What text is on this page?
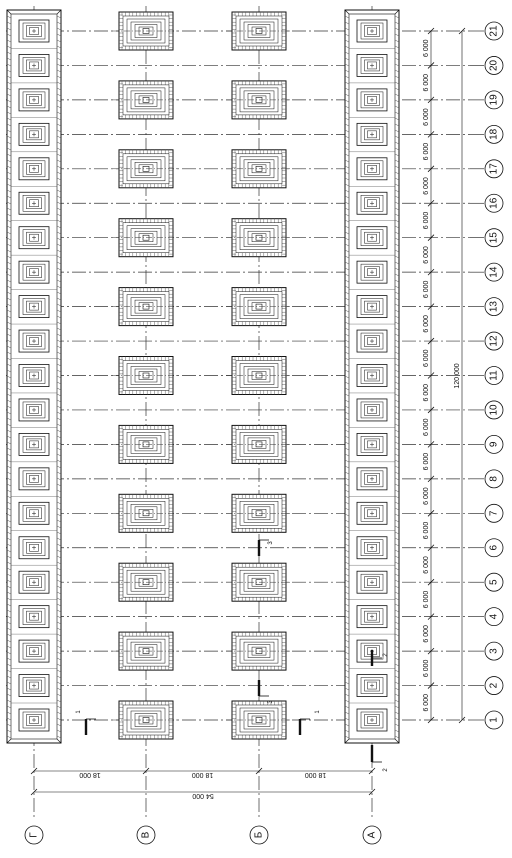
6 000
6 000
6 000
6 000
6 000
6 000
6 000
6 000
6 000
6 000
6 000
6 000
6 000
6 000
6 000
6 000
6 000
6 000
6 000
6 000
120 000
18 000	18 000	18 000
54 000
21
20
19
18
17
16
15
14
13
12
11
10
9
8
7
6
5
4
3
2
1
Г	В	Б	А
1	1
2
2
3
3
